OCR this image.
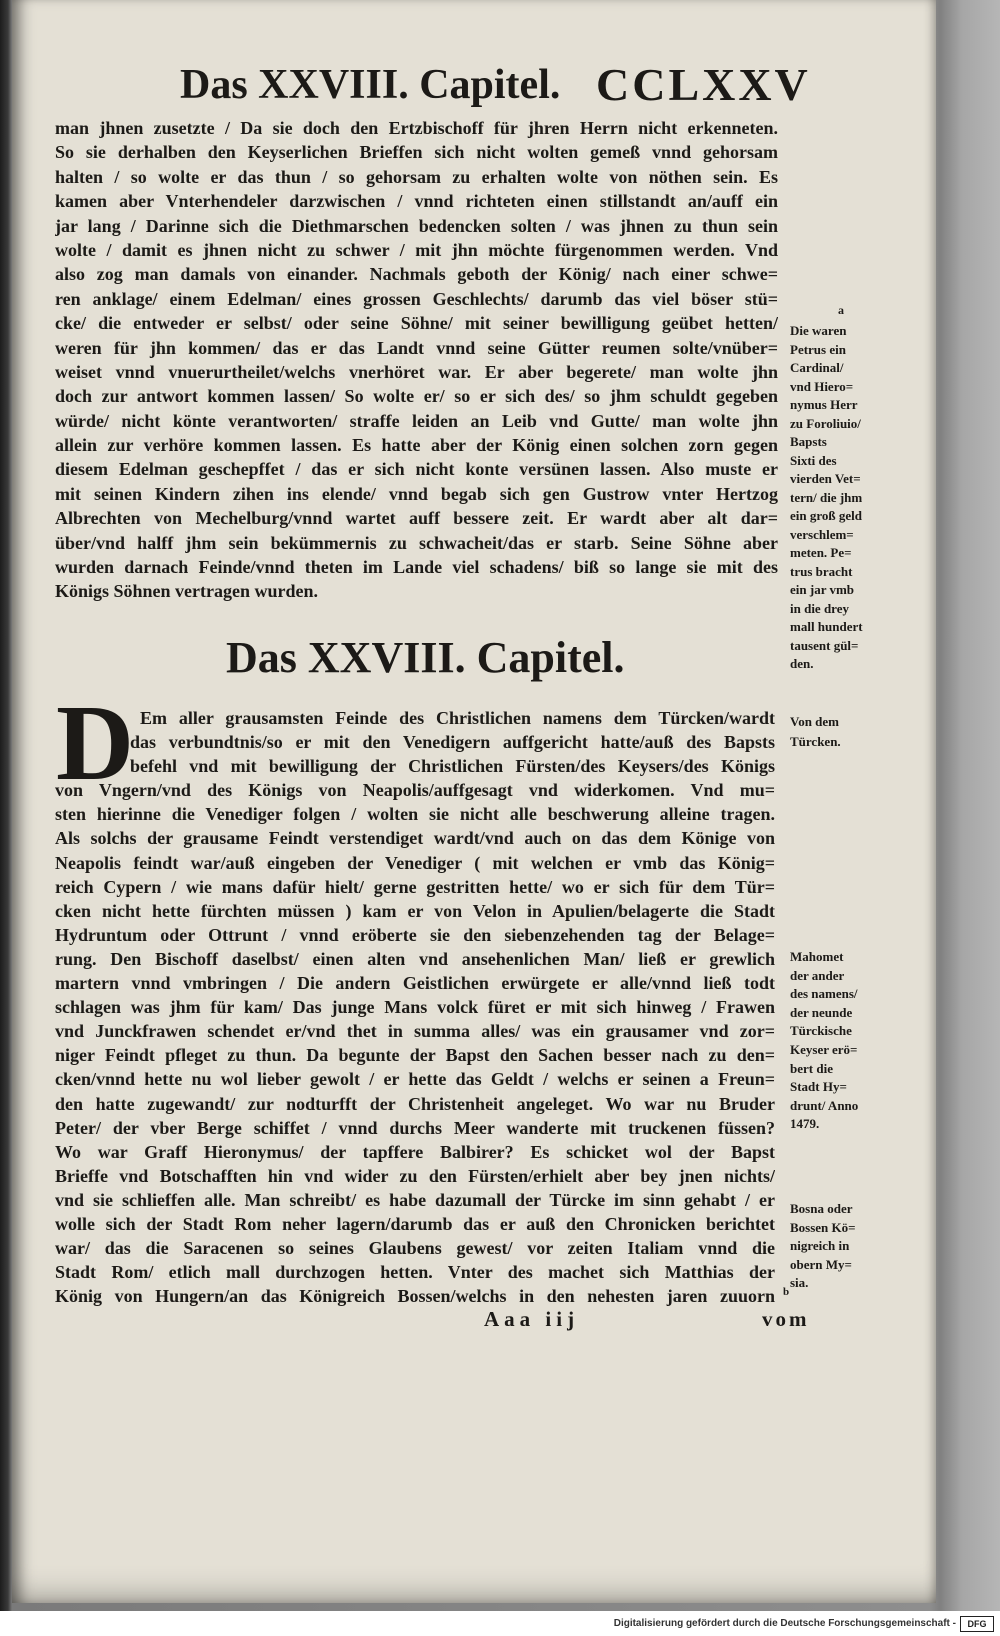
Das XXVIII. Capitel. CCLXXV
man jhnen zusetzte / Da sie doch den Ertzbischoff für jhren Herrn nicht erkenneten.
So sie derhalben den Keyserlichen Brieffen sich nicht wolten gemeß vnnd gehorsam
halten / so wolte er das thun / so gehorsam zu erhalten wolte von nöthen sein. Es
kamen aber Vnterhendeler darzwischen / vnnd richteten einen stillstandt an/auff ein
jar lang / Darinne sich die Diethmarschen bedencken solten / was jhnen zu thun sein
wolte / damit es jhnen nicht zu schwer / mit jhn möchte fürgenommen werden. Vnd
also zog man damals von einander. Nachmals geboth der König/ nach einer schwe=
ren anklage/ einem Edelman/ eines grossen Geschlechts/ darumb das viel böser stü=
cke/ die entweder er selbst/ oder seine Söhne/ mit seiner bewilligung geübet hetten/
weren für jhn kommen/ das er das Landt vnnd seine Gütter reumen solte/vnüber=
weiset vnnd vnuerurtheilet/welchs vnerhöret war. Er aber begerete/ man wolte jhn
doch zur antwort kommen lassen/ So wolte er/ so er sich des/ so jhm schuldt gegeben
würde/ nicht könte verantworten/ straffe leiden an Leib vnd Gutte/ man wolte jhn
allein zur verhöre kommen lassen. Es hatte aber der König einen solchen zorn gegen
diesem Edelman geschepffet / das er sich nicht konte versünen lassen. Also muste er
mit seinen Kindern zihen ins elende/ vnnd begab sich gen Gustrow vnter Hertzog
Albrechten von Mechelburg/vnnd wartet auff bessere zeit. Er wardt aber alt dar=
über/vnd halff jhm sein bekümmernis zu schwacheit/das er starb. Seine Söhne aber
wurden darnach Feinde/vnnd theten im Lande viel schadens/ biß so lange sie mit des
Königs Söhnen vertragen wurden.
a
Die waren
Petrus ein
Cardinal/
vnd Hiero=
nymus Herr
zu Foroliuio/
Bapsts
Sixti des
vierden Vet=
tern/ die jhm
ein groß geld
verschlem=
meten. Pe=
trus bracht
ein jar vmb
in die drey
mall hundert
tausent gül=
den.
Das XXVIII. Capitel.
D Em aller grausamsten Feinde des Christlichen namens dem Türcken/wardt
das verbundtnis/so er mit den Venedigern auffgericht hatte/auß des Bapsts
befehl vnd mit bewilligung der Christlichen Fürsten/des Keysers/des Königs
von Vngern/vnd des Königs von Neapolis/auffgesagt vnd widerkomen. Vnd mu=
sten hierinne die Venediger folgen / wolten sie nicht alle beschwerung alleine tragen.
Als solchs der grausame Feindt verstendiget wardt/vnd auch on das dem Könige von
Neapolis feindt war/auß eingeben der Venediger ( mit welchen er vmb das König=
reich Cypern / wie mans dafür hielt/ gerne gestritten hette/ wo er sich für dem Tür=
cken nicht hette fürchten müssen ) kam er von Velon in Apulien/belagerte die Stadt
Hydruntum oder Ottrunt / vnnd eröberte sie den siebenzehenden tag der Belage=
rung. Den Bischoff daselbst/ einen alten vnd ansehenlichen Man/ ließ er grewlich
martern vnnd vmbringen / Die andern Geistlichen erwürgete er alle/vnnd ließ todt
schlagen was jhm für kam/ Das junge Mans volck füret er mit sich hinweg / Frawen
vnd Junckfrawen schendet er/vnd thet in summa alles/ was ein grausamer vnd zor=
niger Feindt pfleget zu thun. Da begunte der Bapst den Sachen besser nach zu den=
cken/vnnd hette nu wol lieber gewolt / er hette das Geldt / welchs er seinen a Freun=
den hatte zugewandt/ zur nodturfft der Christenheit angeleget. Wo war nu Bruder
Peter/ der vber Berge schiffet / vnnd durchs Meer wanderte mit truckenen füssen?
Wo war Graff Hieronymus/ der tapffere Balbirer? Es schicket wol der Bapst
Brieffe vnd Botschafften hin vnd wider zu den Fürsten/erhielt aber bey jnen nichts/
vnd sie schlieffen alle. Man schreibt/ es habe dazumall der Türcke im sinn gehabt / er
wolle sich der Stadt Rom neher lagern/darumb das er auß den Chronicken berichtet
war/ das die Saracenen so seines Glaubens gewest/ vor zeiten Italiam vnnd die
Stadt Rom/ etlich mall durchzogen hetten. Vnter des machet sich Matthias der
König von Hungern/an das Königreich Bossen/welchs in den nehesten jaren zuuorn
Von dem
Türcken.
Mahomet
der ander
des namens/
der neunde
Türckische
Keyser erö=
bert die
Stadt Hy=
drunt/ Anno
1479.
Bosna oder
Bossen Kö=
nigreich in
obern My=
sia.
b
Aaa iij	vom
Digitalisierung gefördert durch die Deutsche Forschungsgemeinschaft -	DFG
